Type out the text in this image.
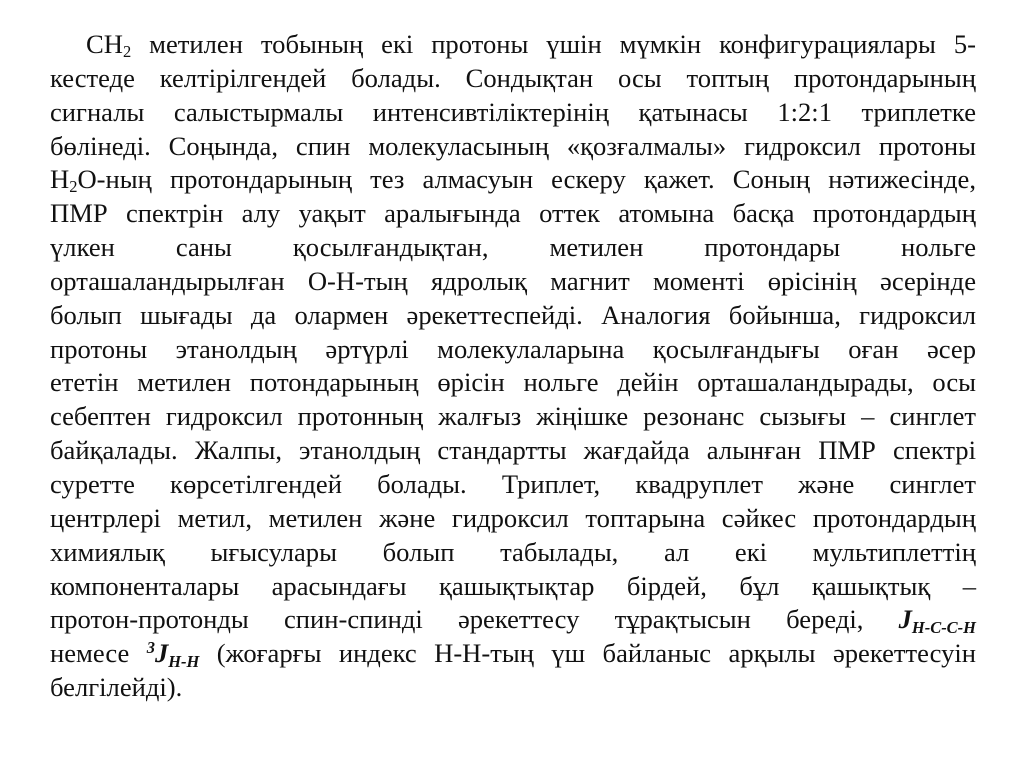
$CH_2$ метилен тобының екі протоны үшін мүмкін конфигурациялары 5-
кестеде келтірілгендей болады. Сондықтан осы топтың протондарының
сигналы салыстырмалы интенсивтіліктерінің қатынасы 1:2:1 триплетке
бөлінеді. Соңында, спин молекуласының «қозғалмалы» гидроксил протоны
$H_2O$-ның протондарының тез алмасуын ескеру қажет. Соның нәтижесінде,
ПМР спектрін алу уақыт аралығында оттек атомына басқа протондардың
үлкен саны қосылғандықтан, метилен протондары нольге
орташаландырылған О-Н-тың ядролық магнит моменті өрісінің әсерінде
болып шығады да олармен әрекеттеспейді. Аналогия бойынша, гидроксил
протоны этанолдың әртүрлі молекулаларына қосылғандығы оған әсер
ететін метилен потондарының өрісін нольге дейін орташаландырады, осы
себептен гидроксил протонның жалғыз жіңішке резонанс сызығы – синглет
байқалады. Жалпы, этанолдың стандартты жағдайда алынған ПМР спектрі
суретте көрсетілгендей болады. Триплет, квадруплет және синглет
центрлері метил, метилен және гидроксил топтарына сәйкес протондардың
химиялық ығысулары болып табылады, ал екі мультиплеттің
компоненталары арасындағы қашықтықтар бірдей, бұл қашықтық –
протон-протонды спин-спинді әрекеттесу тұрақтысын береді, JH-C-C-H
немесе $^3$JH-H (жоғарғы индекс H-H-тың үш байланыс арқылы әрекеттесуін
белгілейді).
